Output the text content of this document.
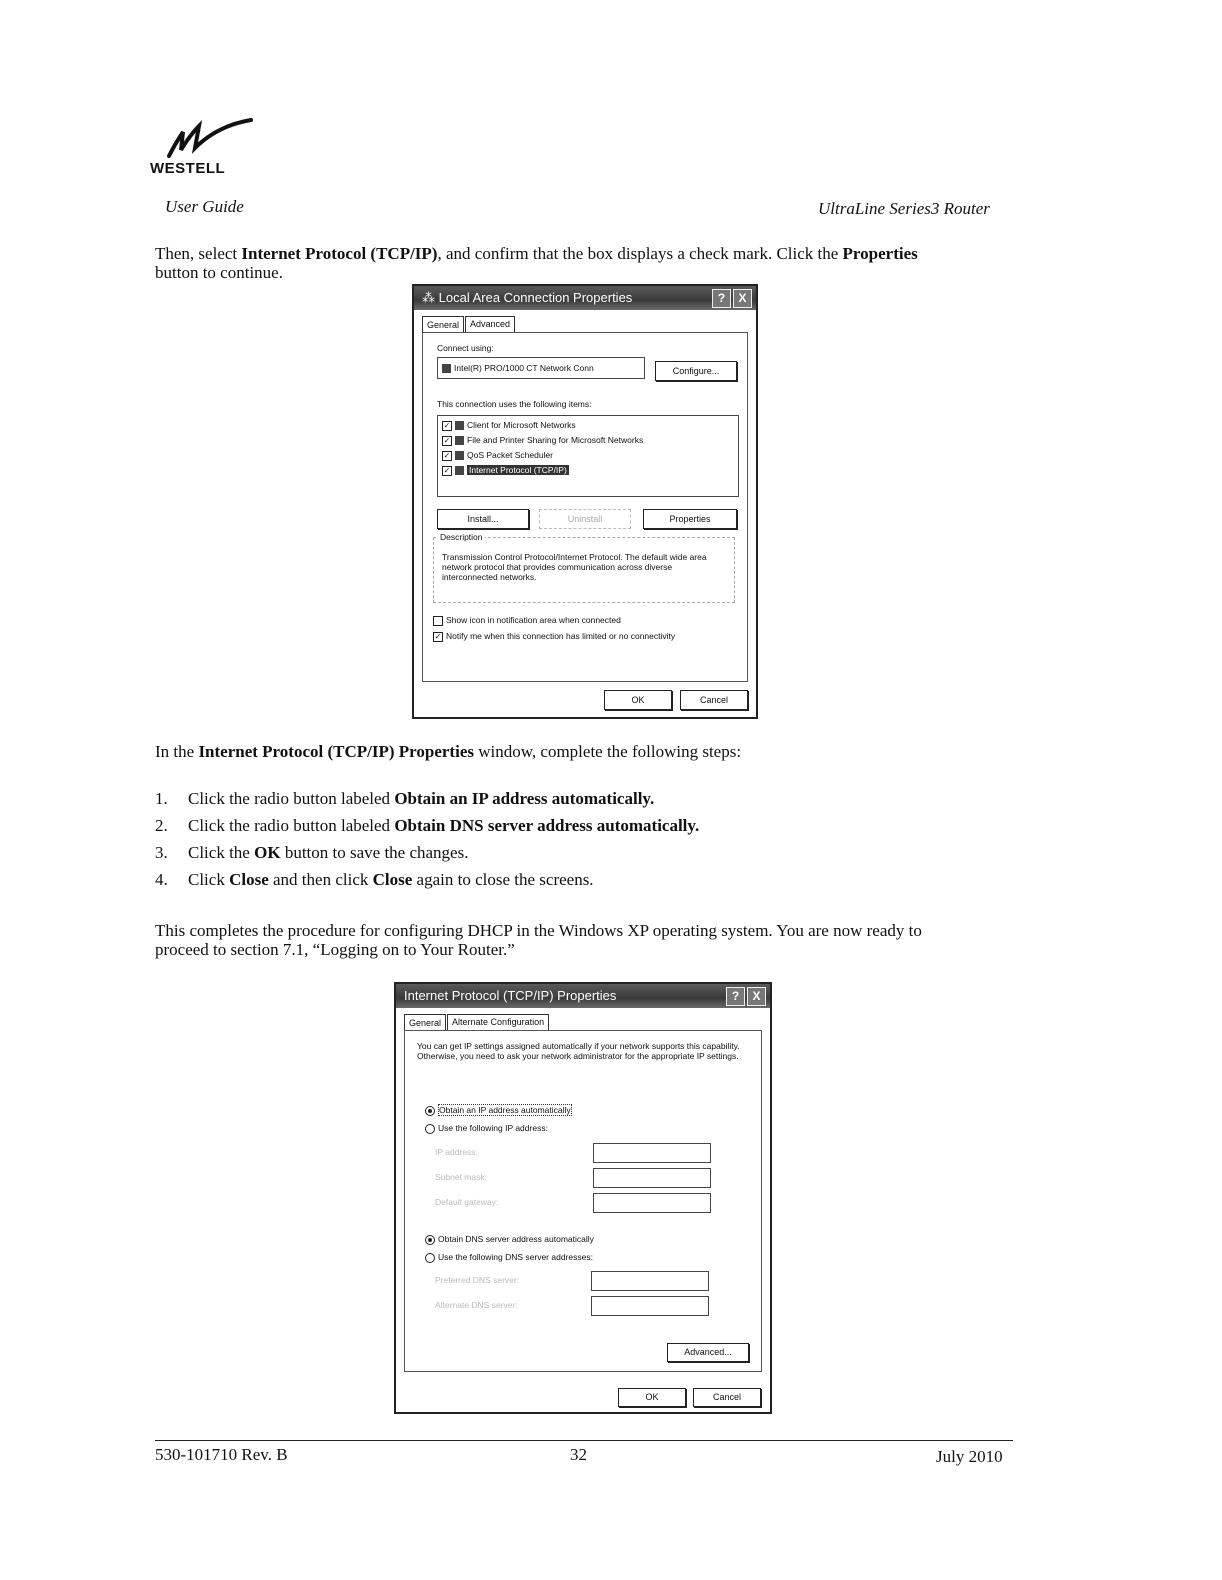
WESTELL
User Guide	UltraLine Series3 Router
Then, select Internet Protocol (TCP/IP), and confirm that the box displays a check mark. Click the Properties
button to continue.
⁂ Local Area Connection Properties	?	X
General	Advanced
Connect using:
Intel(R) PRO/1000 CT Network Conn	Configure...
This connection uses the following items:
✓ Client for Microsoft Networks
✓ File and Printer Sharing for Microsoft Networks
✓ QoS Packet Scheduler
✓ Internet Protocol (TCP/IP)
Install...	Uninstall	Properties
Description
Transmission Control Protocol/Internet Protocol. The default wide area network protocol that provides communication across diverse interconnected networks.
Show icon in notification area when connected
✓ Notify me when this connection has limited or no connectivity
OK	Cancel
In the Internet Protocol (TCP/IP) Properties window, complete the following steps:
1. Click the radio button labeled Obtain an IP address automatically.
2. Click the radio button labeled Obtain DNS server address automatically.
3. Click the OK button to save the changes.
4. Click Close and then click Close again to close the screens.
This completes the procedure for configuring DHCP in the Windows XP operating system. You are now ready to
proceed to section 7.1, “Logging on to Your Router.”
Internet Protocol (TCP/IP) Properties	?	X
General	Alternate Configuration
You can get IP settings assigned automatically if your network supports this capability. Otherwise, you need to ask your network administrator for the appropriate IP settings.
Obtain an IP address automatically
Use the following IP address:
IP address:
Subnet mask:
Default gateway:
Obtain DNS server address automatically
Use the following DNS server addresses:
Preferred DNS server:
Alternate DNS server:
Advanced...
OK	Cancel
530-101710 Rev. B	32	July 2010
